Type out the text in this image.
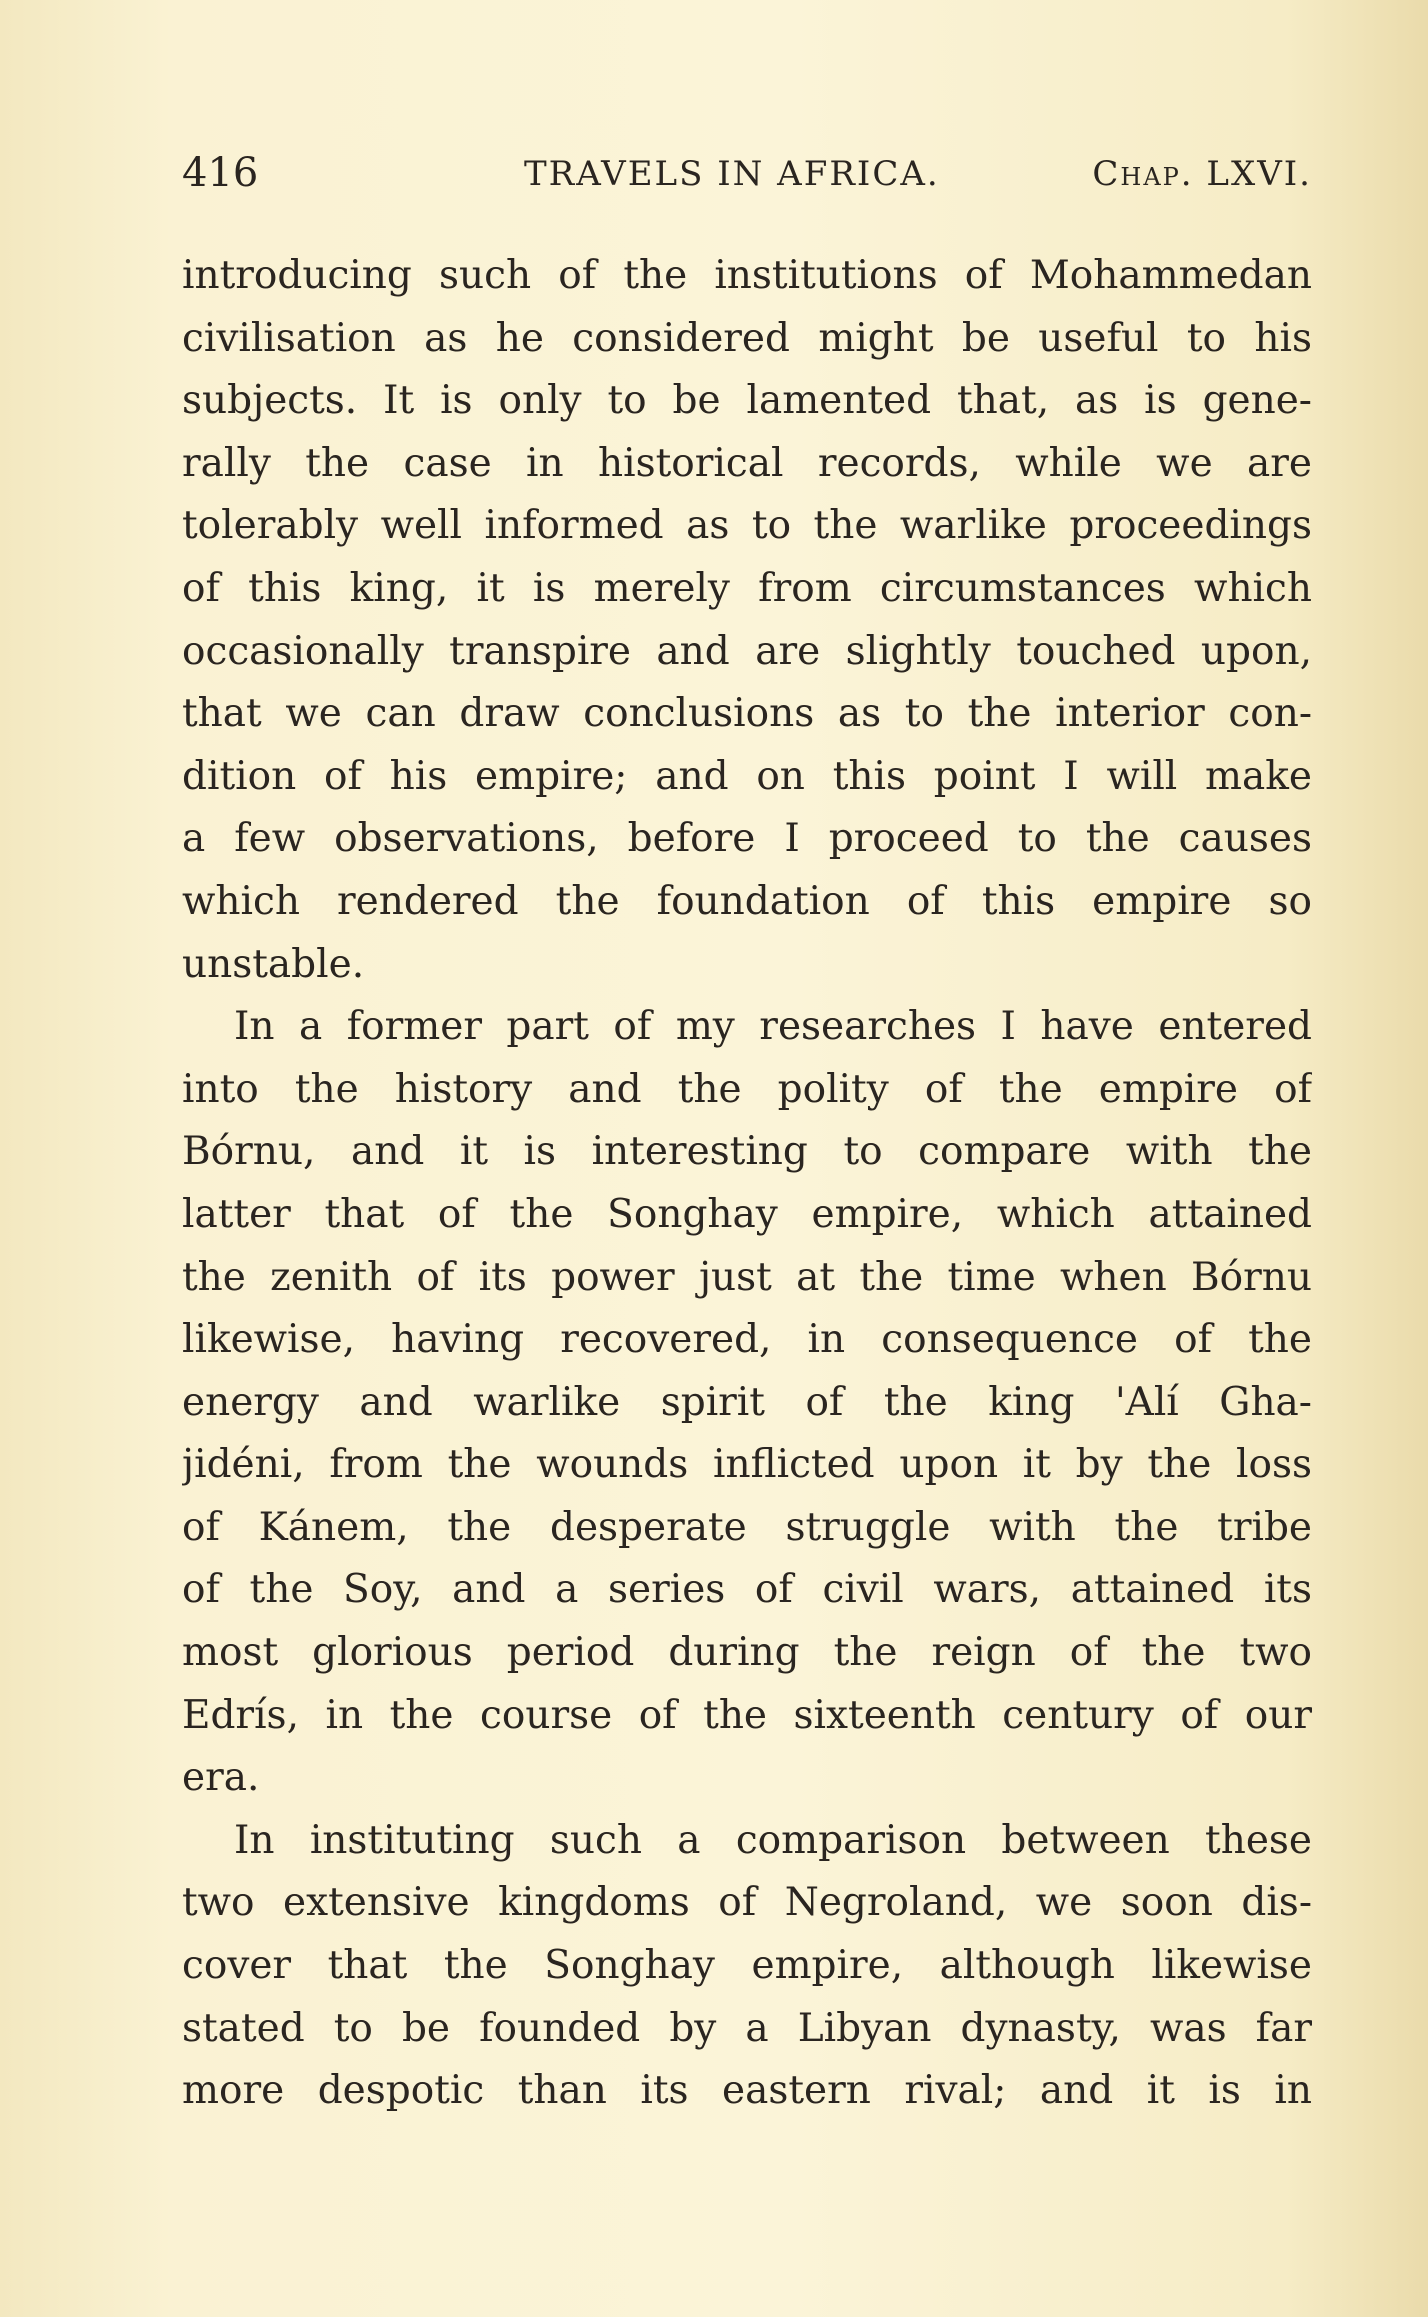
416	TRAVELS IN AFRICA.	Chap. LXVI.
introducing such of the institutions of Mohammedan
civilisation as he considered might be useful to his
subjects. It is only to be lamented that, as is gene-
rally the case in historical records, while we are
tolerably well informed as to the warlike proceedings
of this king, it is merely from circumstances which
occasionally transpire and are slightly touched upon,
that we can draw conclusions as to the interior con-
dition of his empire; and on this point I will make
a few observations, before I proceed to the causes
which rendered the foundation of this empire so
unstable.
In a former part of my researches I have entered
into the history and the polity of the empire of
Bórnu, and it is interesting to compare with the
latter that of the Songhay empire, which attained
the zenith of its power just at the time when Bórnu
likewise, having recovered, in consequence of the
energy and warlike spirit of the king 'Alí Gha-
jidéni, from the wounds inflicted upon it by the loss
of Kánem, the desperate struggle with the tribe
of the Soy, and a series of civil wars, attained its
most glorious period during the reign of the two
Edrís, in the course of the sixteenth century of our
era.
In instituting such a comparison between these
two extensive kingdoms of Negroland, we soon dis-
cover that the Songhay empire, although likewise
stated to be founded by a Libyan dynasty, was far
more despotic than its eastern rival; and it is in
